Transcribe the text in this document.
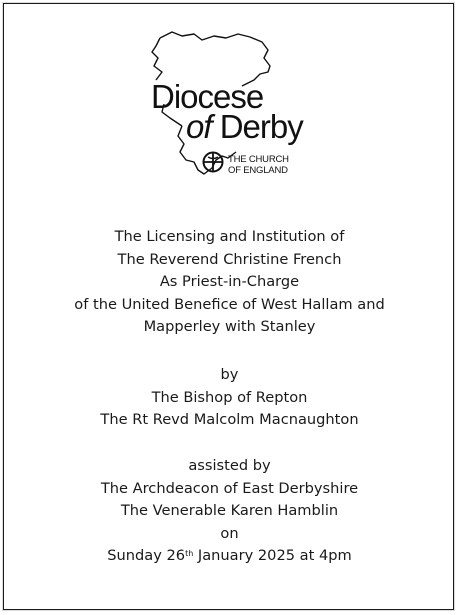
Diocese
of Derby
THE CHURCH
OF ENGLAND
The Licensing and Institution of
The Reverend Christine French
As Priest-in-Charge
of the United Benefice of West Hallam and
Mapperley with Stanley
by
The Bishop of Repton
The Rt Revd Malcolm Macnaughton
assisted by
The Archdeacon of East Derbyshire
The Venerable Karen Hamblin
on
Sunday 26th January 2025 at 4pm
